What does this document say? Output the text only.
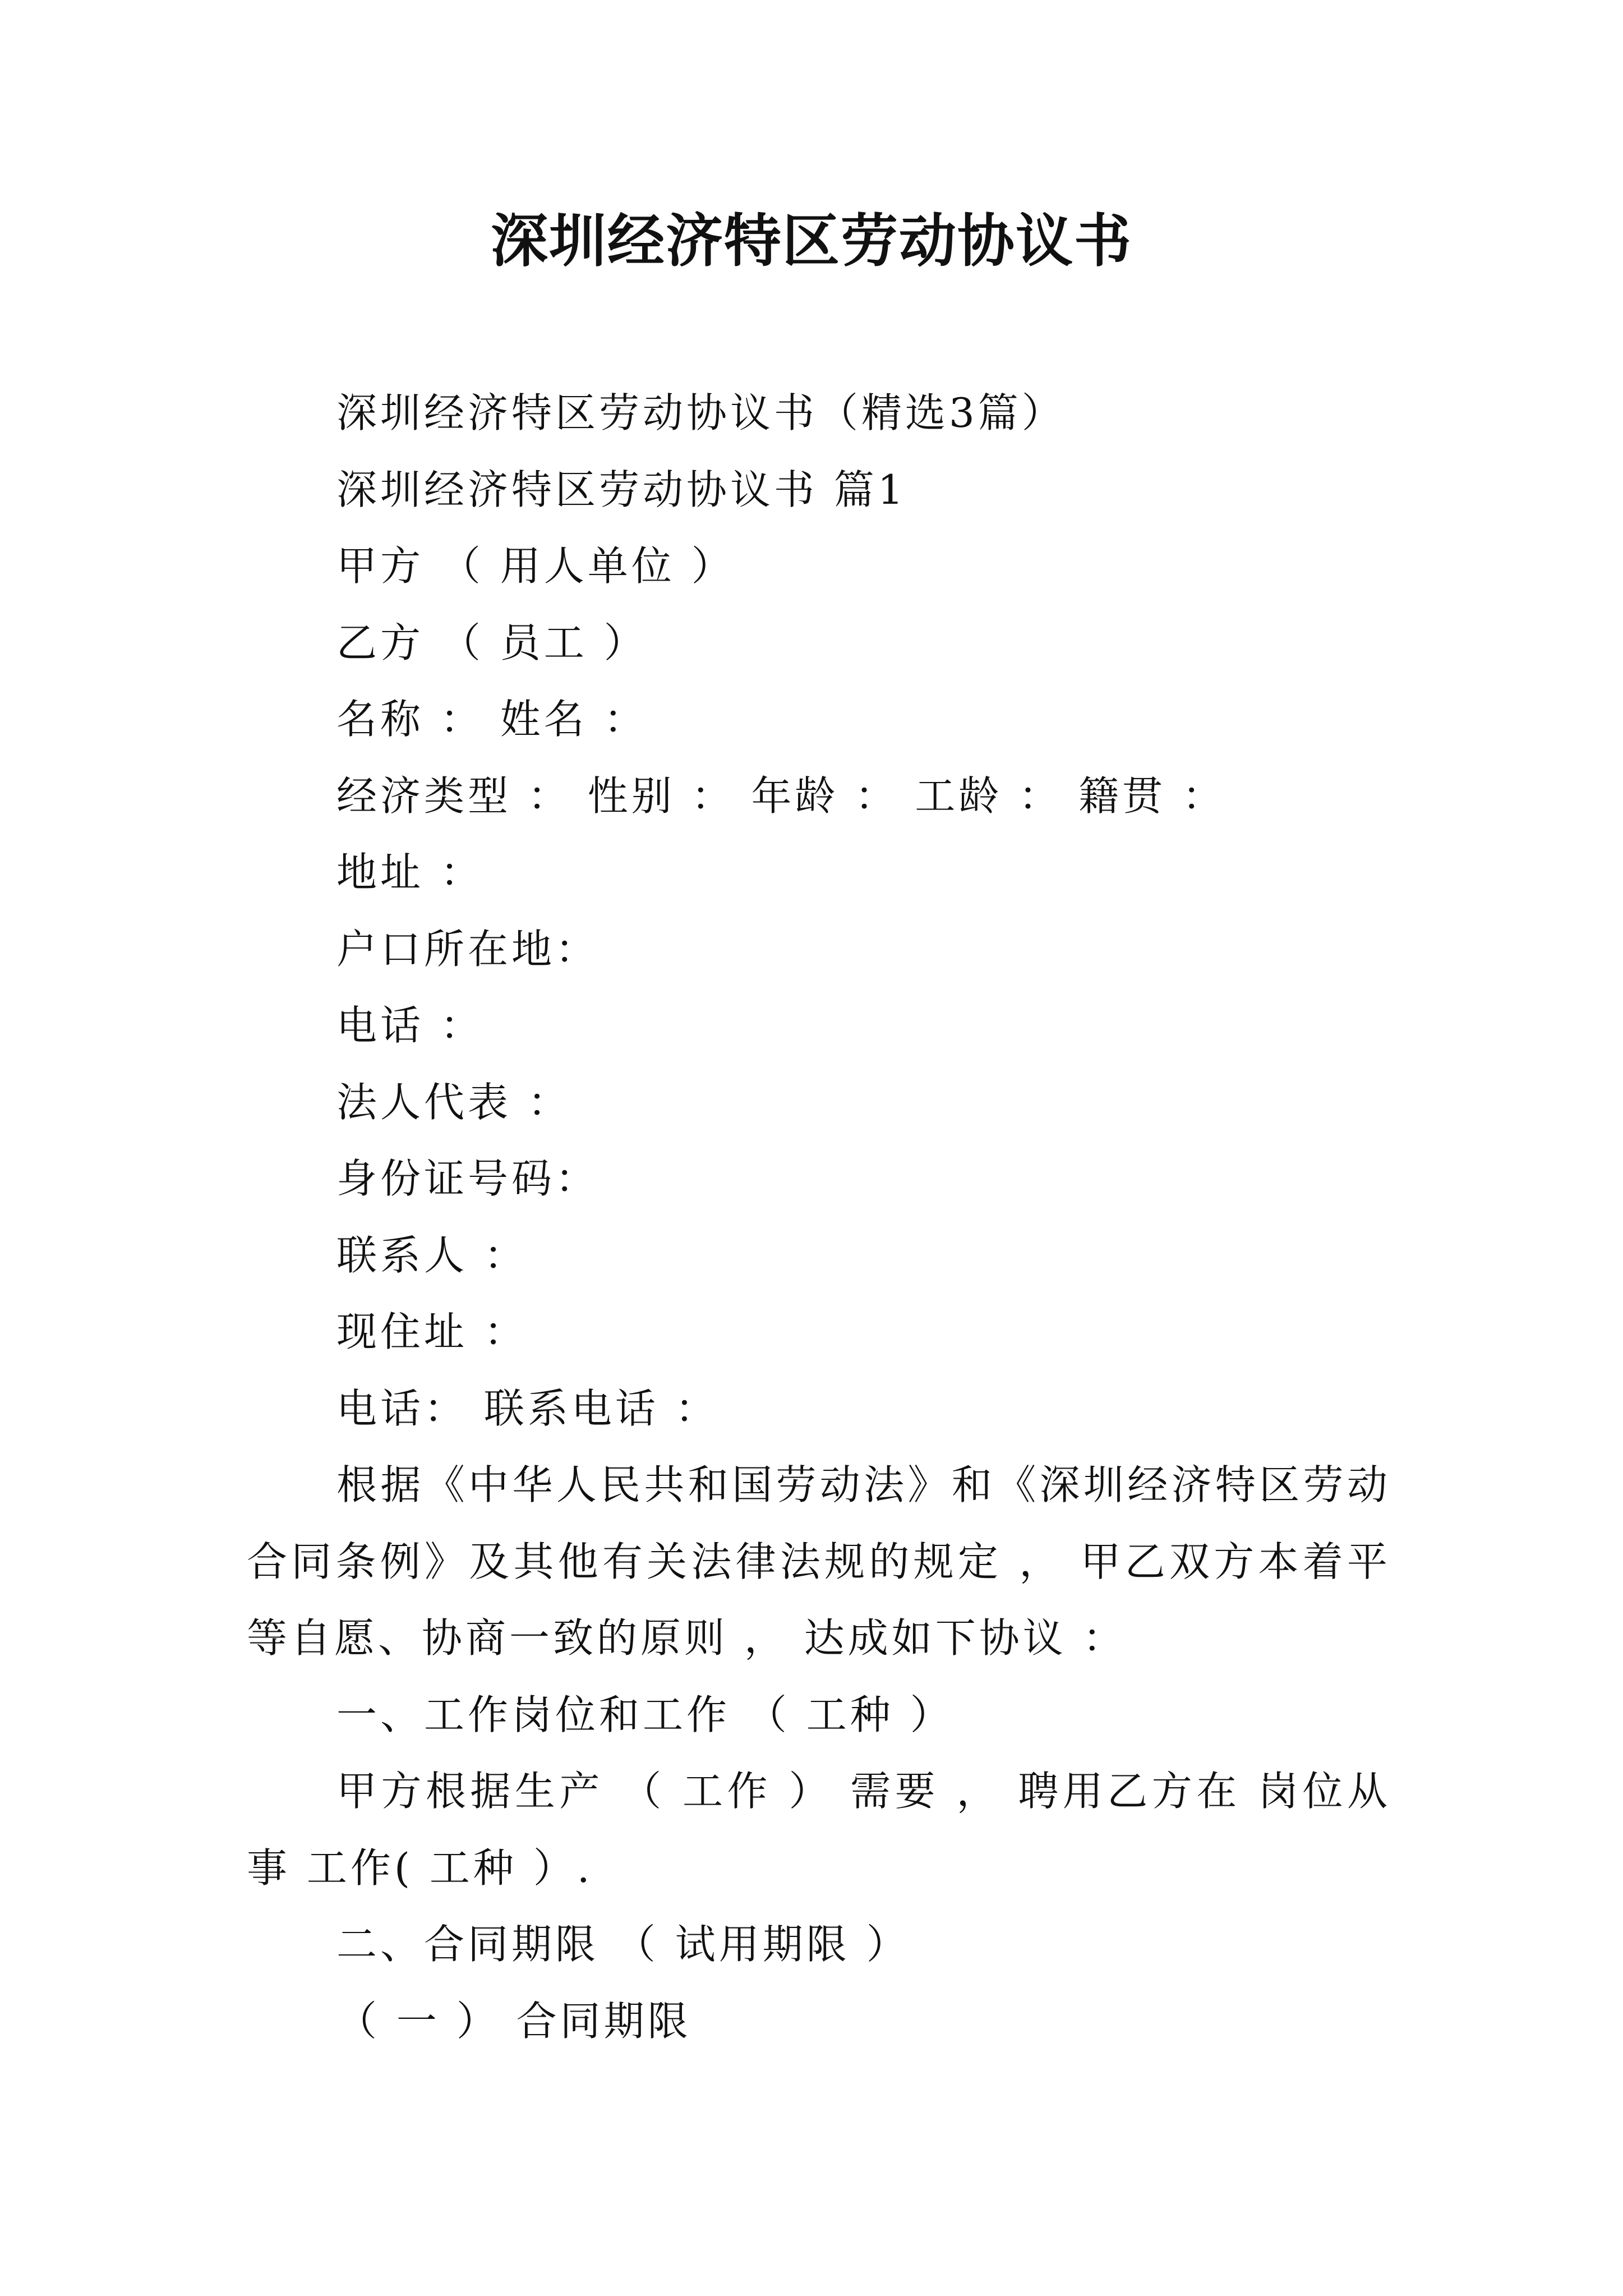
深圳经济特区劳动协议书

深圳经济特区劳动协议书（精选3篇）

深圳经济特区劳动协议书 篇1

甲方 （ 用人单位 ）

乙方 （ 员工 ）

名称 ： 姓名 ：

经济类型 ： 性别 ： 年龄 ： 工龄 ： 籍贯 ：

地址 ：

户口所在地：

电话 ：

法人代表 ：

身份证号码：

联系人 ：

现住址 ：

电话： 联系电话 ：

根据《中华人民共和国劳动法》和《深圳经济特区劳动合同条例》及其他有关法律法规的规定 ， 甲乙双方本着平等自愿、协商一致的原则 ， 达成如下协议 ：

一、工作岗位和工作 （ 工种 ）

甲方根据生产 （ 工作 ） 需要 ， 聘用乙方在 岗位从事 工作( 工种 ）.

二、合同期限 （ 试用期限 ）

（ 一 ） 合同期限
